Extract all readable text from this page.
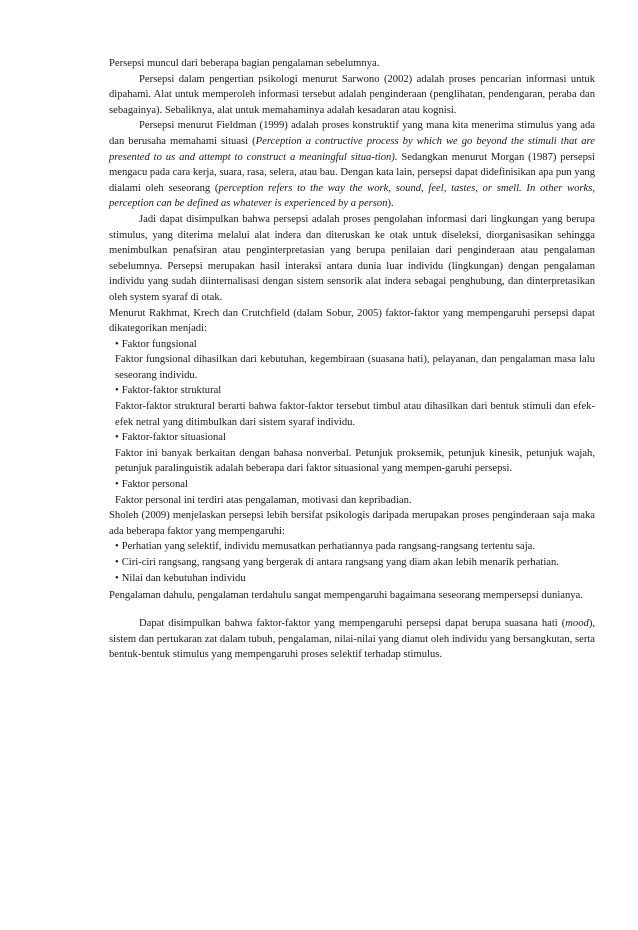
Persepsi muncul dari beberapa bagian pengalaman sebelumnya.

Persepsi dalam pengertian psikologi menurut Sarwono (2002) adalah proses pencarian informasi untuk dipahami. Alat untuk memperoleh informasi tersebut adalah penginderaan (penglihatan, pendengaran, peraba dan sebagainya). Sebaliknya, alat untuk memahaminya adalah kesadaran atau kognisi.

Persepsi menurut Fieldman (1999) adalah proses konstruktif yang mana kita menerima stimulus yang ada dan berusaha memahami situasi (Perception a contructive process by which we go beyond the stimuli that are presented to us and attempt to construct a meaningful situa-tion). Sedangkan menurut Morgan (1987) persepsi mengacu pada cara kerja, suara, rasa, selera, atau bau. Dengan kata lain, persepsi dapat didefinisikan apa pun yang dialami oleh seseorang (perception refers to the way the work, sound, feel, tastes, or smell. In other works, perception can be defined as whatever is experienced by a person).

Jadi dapat disimpulkan bahwa persepsi adalah proses pengolahan informasi dari lingkungan yang berupa stimulus, yang diterima melalui alat indera dan diteruskan ke otak untuk diseleksi, diorganisasikan sehingga menimbulkan penafsiran atau penginterpretasian yang berupa penilaian dari penginderaan atau pengalaman sebelumnya. Persepsi merupakan hasil interaksi antara dunia luar individu (lingkungan) dengan pengalaman individu yang sudah diinternalisasi dengan sistem sensorik alat indera sebagai penghubung, dan dinterpretasikan oleh system syaraf di otak.

Menurut Rakhmat, Krech dan Crutchfield (dalam Sobur, 2005) faktor-faktor yang mempengaruhi persepsi dapat dikategorikan menjadi:

• Faktor fungsional

Faktor fungsional dihasilkan dari kebutuhan, kegembiraan (suasana hati), pelayanan, dan pengalaman masa lalu seseorang individu.

• Faktor-faktor struktural

Faktor-faktor struktural berarti bahwa faktor-faktor tersebut timbul atau dihasilkan dari bentuk stimuli dan efek-efek netral yang ditimbulkan dari sistem syaraf individu.

• Faktor-faktor situasional

Faktor ini banyak berkaitan dengan bahasa nonverbal. Petunjuk proksemik, petunjuk kinesik, petunjuk wajah, petunjuk paralinguistik adalah beberapa dari faktor situasional yang mempen-garuhi persepsi.

• Faktor personal

Faktor personal ini terdiri atas pengalaman, motivasi dan kepribadian.

Sholeh (2009) menjelaskan persepsi lebih bersifat psikologis daripada merupakan proses penginderaan saja maka ada beberapa faktor yang mempengaruhi:

• Perhatian yang selektif, individu memusatkan perhatiannya pada rangsang-rangsang tertentu saja.

• Ciri-ciri rangsang, rangsang yang bergerak di antara rangsang yang diam akan lebih menarik perhatian.

• Nilai dan kebutuhan individu

Pengalaman dahulu, pengalaman terdahulu sangat mempengaruhi bagaimana seseorang mempersepsi dunianya.

Dapat disimpulkan bahwa faktor-faktor yang mempengaruhi persepsi dapat berupa suasana hati (mood), sistem dan pertukaran zat dalam tubuh, pengalaman, nilai-nilai yang dianut oleh individu yang bersangkutan, serta bentuk-bentuk stimulus yang mempengaruhi proses selektif terhadap stimulus.
